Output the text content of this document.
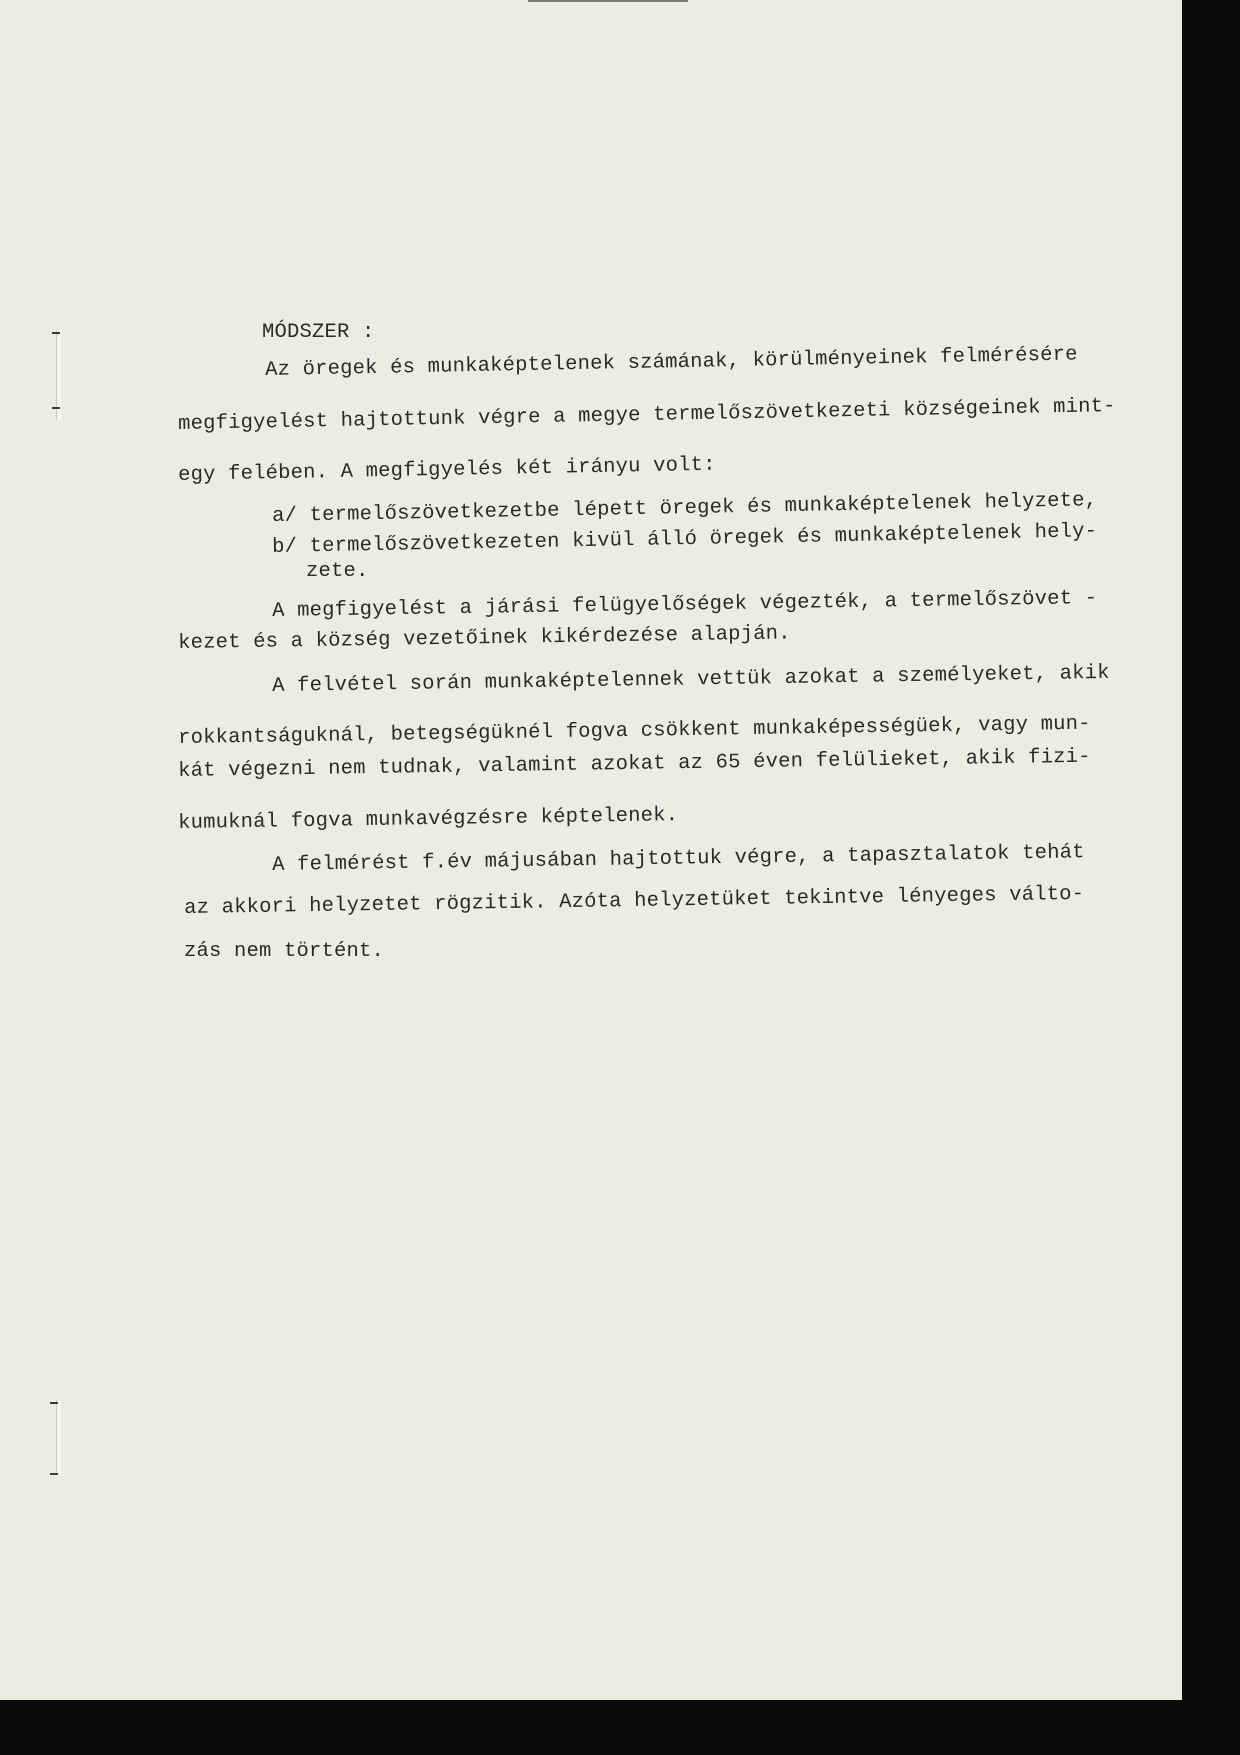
MÓDSZER :
Az öregek és munkaképtelenek számának, körülményeinek felmérésére
megfigyelést hajtottunk végre a megye termelőszövetkezeti községeinek mint-
egy felében. A megfigyelés két irányu volt:
a/ termelőszövetkezetbe lépett öregek és munkaképtelenek helyzete,
b/ termelőszövetkezeten kivül álló öregek és munkaképtelenek hely-
zete.
A megfigyelést a járási felügyelőségek végezték, a termelőszövet -
kezet és a község vezetőinek kikérdezése alapján.
A felvétel során munkaképtelennek vettük azokat a személyeket, akik
rokkantságuknál, betegségüknél fogva csökkent munkaképességüek, vagy mun-
kát végezni nem tudnak, valamint azokat az 65 éven felülieket, akik fizi-
kumuknál fogva munkavégzésre képtelenek.
A felmérést f.év májusában hajtottuk végre, a tapasztalatok tehát
az akkori helyzetet rögzitik. Azóta helyzetüket tekintve lényeges válto-
zás nem történt.
